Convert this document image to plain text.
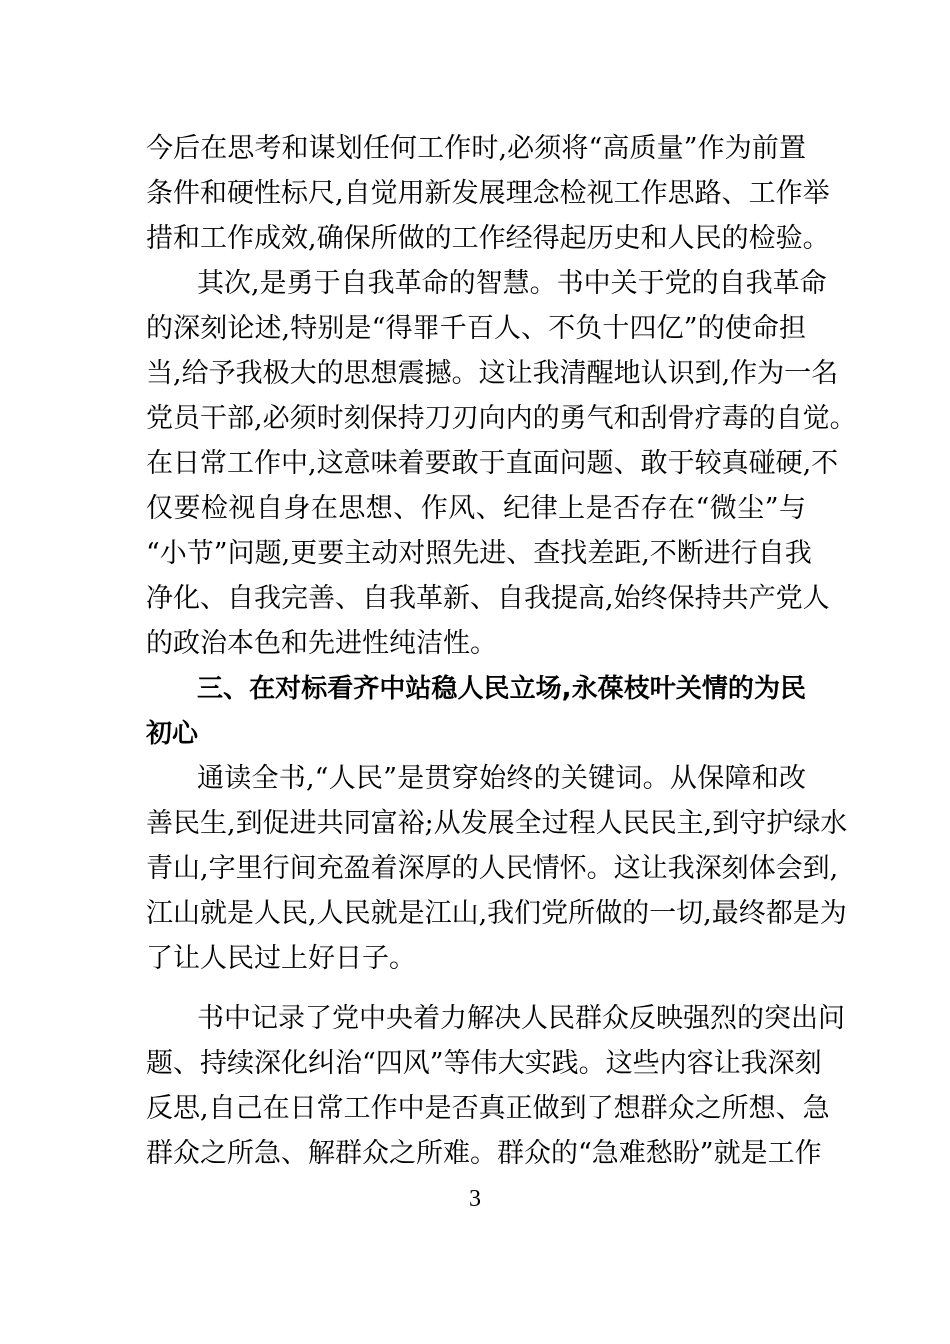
今后在思考和谋划任何工作时,必须将“高质量”作为前置
条件和硬性标尺,自觉用新发展理念检视工作思路、工作举
措和工作成效,确保所做的工作经得起历史和人民的检验。
其次,是勇于自我革命的智慧。书中关于党的自我革命
的深刻论述,特别是“得罪千百人、不负十四亿”的使命担
当,给予我极大的思想震撼。这让我清醒地认识到,作为一名
党员干部,必须时刻保持刀刃向内的勇气和刮骨疗毒的自觉。
在日常工作中,这意味着要敢于直面问题、敢于较真碰硬,不
仅要检视自身在思想、作风、纪律上是否存在“微尘”与
“小节”问题,更要主动对照先进、查找差距,不断进行自我
净化、自我完善、自我革新、自我提高,始终保持共产党人
的政治本色和先进性纯洁性。
三、在对标看齐中站稳人民立场,永葆枝叶关情的为民
初心
通读全书,“人民”是贯穿始终的关键词。从保障和改
善民生,到促进共同富裕;从发展全过程人民民主,到守护绿水
青山,字里行间充盈着深厚的人民情怀。这让我深刻体会到,
江山就是人民,人民就是江山,我们党所做的一切,最终都是为
了让人民过上好日子。
书中记录了党中央着力解决人民群众反映强烈的突出问
题、持续深化纠治“四风”等伟大实践。这些内容让我深刻
反思,自己在日常工作中是否真正做到了想群众之所想、急
群众之所急、解群众之所难。群众的“急难愁盼”就是工作
3
